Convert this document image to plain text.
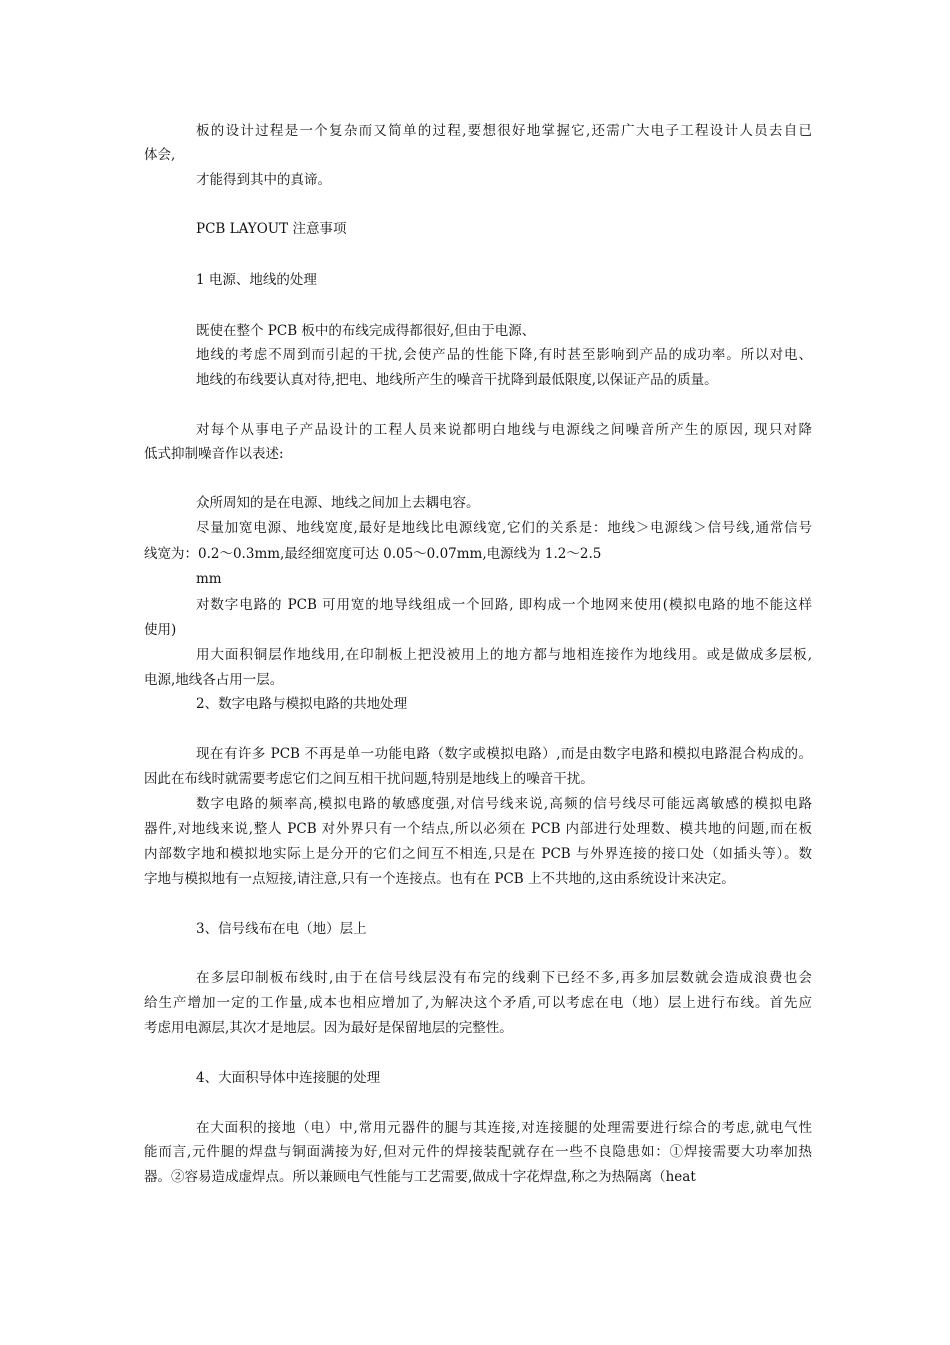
板的设计过程是一个复杂而又简单的过程,要想很好地掌握它,还需广大电子工程设计人员去自已
体会,
才能得到其中的真谛。
PCB LAYOUT 注意事项
1 电源、地线的处理
既使在整个 PCB 板中的布线完成得都很好,但由于电源、
地线的考虑不周到而引起的干扰,会使产品的性能下降,有时甚至影响到产品的成功率。所以对电、
地线的布线要认真对待,把电、地线所产生的噪音干扰降到最低限度,以保证产品的质量。
对每个从事电子产品设计的工程人员来说都明白地线与电源线之间噪音所产生的原因, 现只对降
低式抑制噪音作以表述:
众所周知的是在电源、地线之间加上去耦电容。
尽量加宽电源、地线宽度,最好是地线比电源线宽,它们的关系是：地线＞电源线＞信号线,通常信号
线宽为：0.2～0.3mm,最经细宽度可达 0.05～0.07mm,电源线为 1.2～2.5
mm
对数字电路的 PCB 可用宽的地导线组成一个回路, 即构成一个地网来使用(模拟电路的地不能这样
使用)
用大面积铜层作地线用,在印制板上把没被用上的地方都与地相连接作为地线用。或是做成多层板,
电源,地线各占用一层。
2、数字电路与模拟电路的共地处理
现在有许多 PCB 不再是单一功能电路（数字或模拟电路）,而是由数字电路和模拟电路混合构成的。
因此在布线时就需要考虑它们之间互相干扰问题,特别是地线上的噪音干扰。
数字电路的频率高,模拟电路的敏感度强,对信号线来说,高频的信号线尽可能远离敏感的模拟电路
器件,对地线来说,整人 PCB 对外界只有一个结点,所以必须在 PCB 内部进行处理数、模共地的问题,而在板
内部数字地和模拟地实际上是分开的它们之间互不相连,只是在 PCB 与外界连接的接口处（如插头等）。数
字地与模拟地有一点短接,请注意,只有一个连接点。也有在 PCB 上不共地的,这由系统设计来决定。
3、信号线布在电（地）层上
在多层印制板布线时,由于在信号线层没有布完的线剩下已经不多,再多加层数就会造成浪费也会
给生产增加一定的工作量,成本也相应增加了,为解决这个矛盾,可以考虑在电（地）层上进行布线。首先应
考虑用电源层,其次才是地层。因为最好是保留地层的完整性。
4、大面积导体中连接腿的处理
在大面积的接地（电）中,常用元器件的腿与其连接,对连接腿的处理需要进行综合的考虑,就电气性
能而言,元件腿的焊盘与铜面满接为好,但对元件的焊接装配就存在一些不良隐患如：①焊接需要大功率加热
器。②容易造成虚焊点。所以兼顾电气性能与工艺需要,做成十字花焊盘,称之为热隔离（heat
